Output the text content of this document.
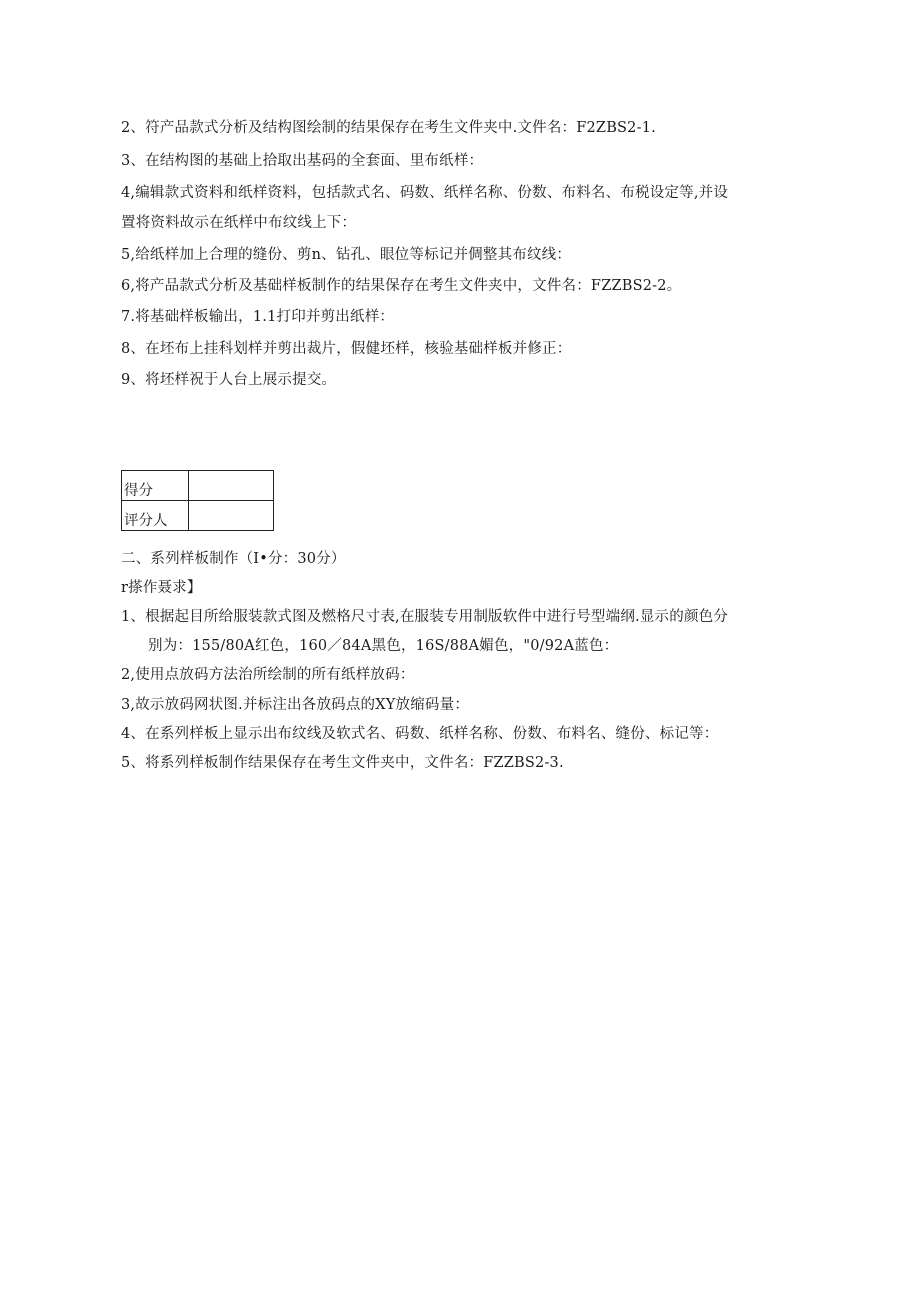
2、符产品款式分析及结构图绘制的结果保存在考生文件夹中.文件名：F2ZBS2-1.
3、在结构图的基础上拾取出基码的全套面、里布纸样：
4,编辑款式资料和纸样资料，包括款式名、码数、纸样名称、份数、布料名、布税设定等,并设
置将资料故示在纸样中布纹线上下：
5,给纸样加上合理的缝份、剪n、钻孔、眼位等标记并倜整其布纹线：
6,将产品款式分析及基础样板制作的结果保存在考生文件夹中，文件名：FZZBS2-2。
7.将基础样板输出，1.1打印并剪出纸样：
8、在坯布上挂科划样并剪出裁片，假健坯样，核验基础样板并修正：
9、将坯样祝于人台上展示提交。
得分	
评分人	
二、系列样板制作（I•分：30分）
r搽作聂求】
1、根据起目所给服装款式图及燃格尺寸表,在服装专用制版软件中进行号型端纲.显示的颜色分
别为：155/80A红色，160／84A黑色，16S/88A媚色，"0/92A蓝色：
2,使用点放码方法治所绘制的所有纸样放码：
3,故示放码网状图.并标注出各放码点的XY放缩码量：
4、在系列样板上显示出布纹线及软式名、码数、纸样名称、份数、布料名、缝份、标记等：
5、将系列样板制作结果保存在考生文件夹中，文件名：FZZBS2-3.
